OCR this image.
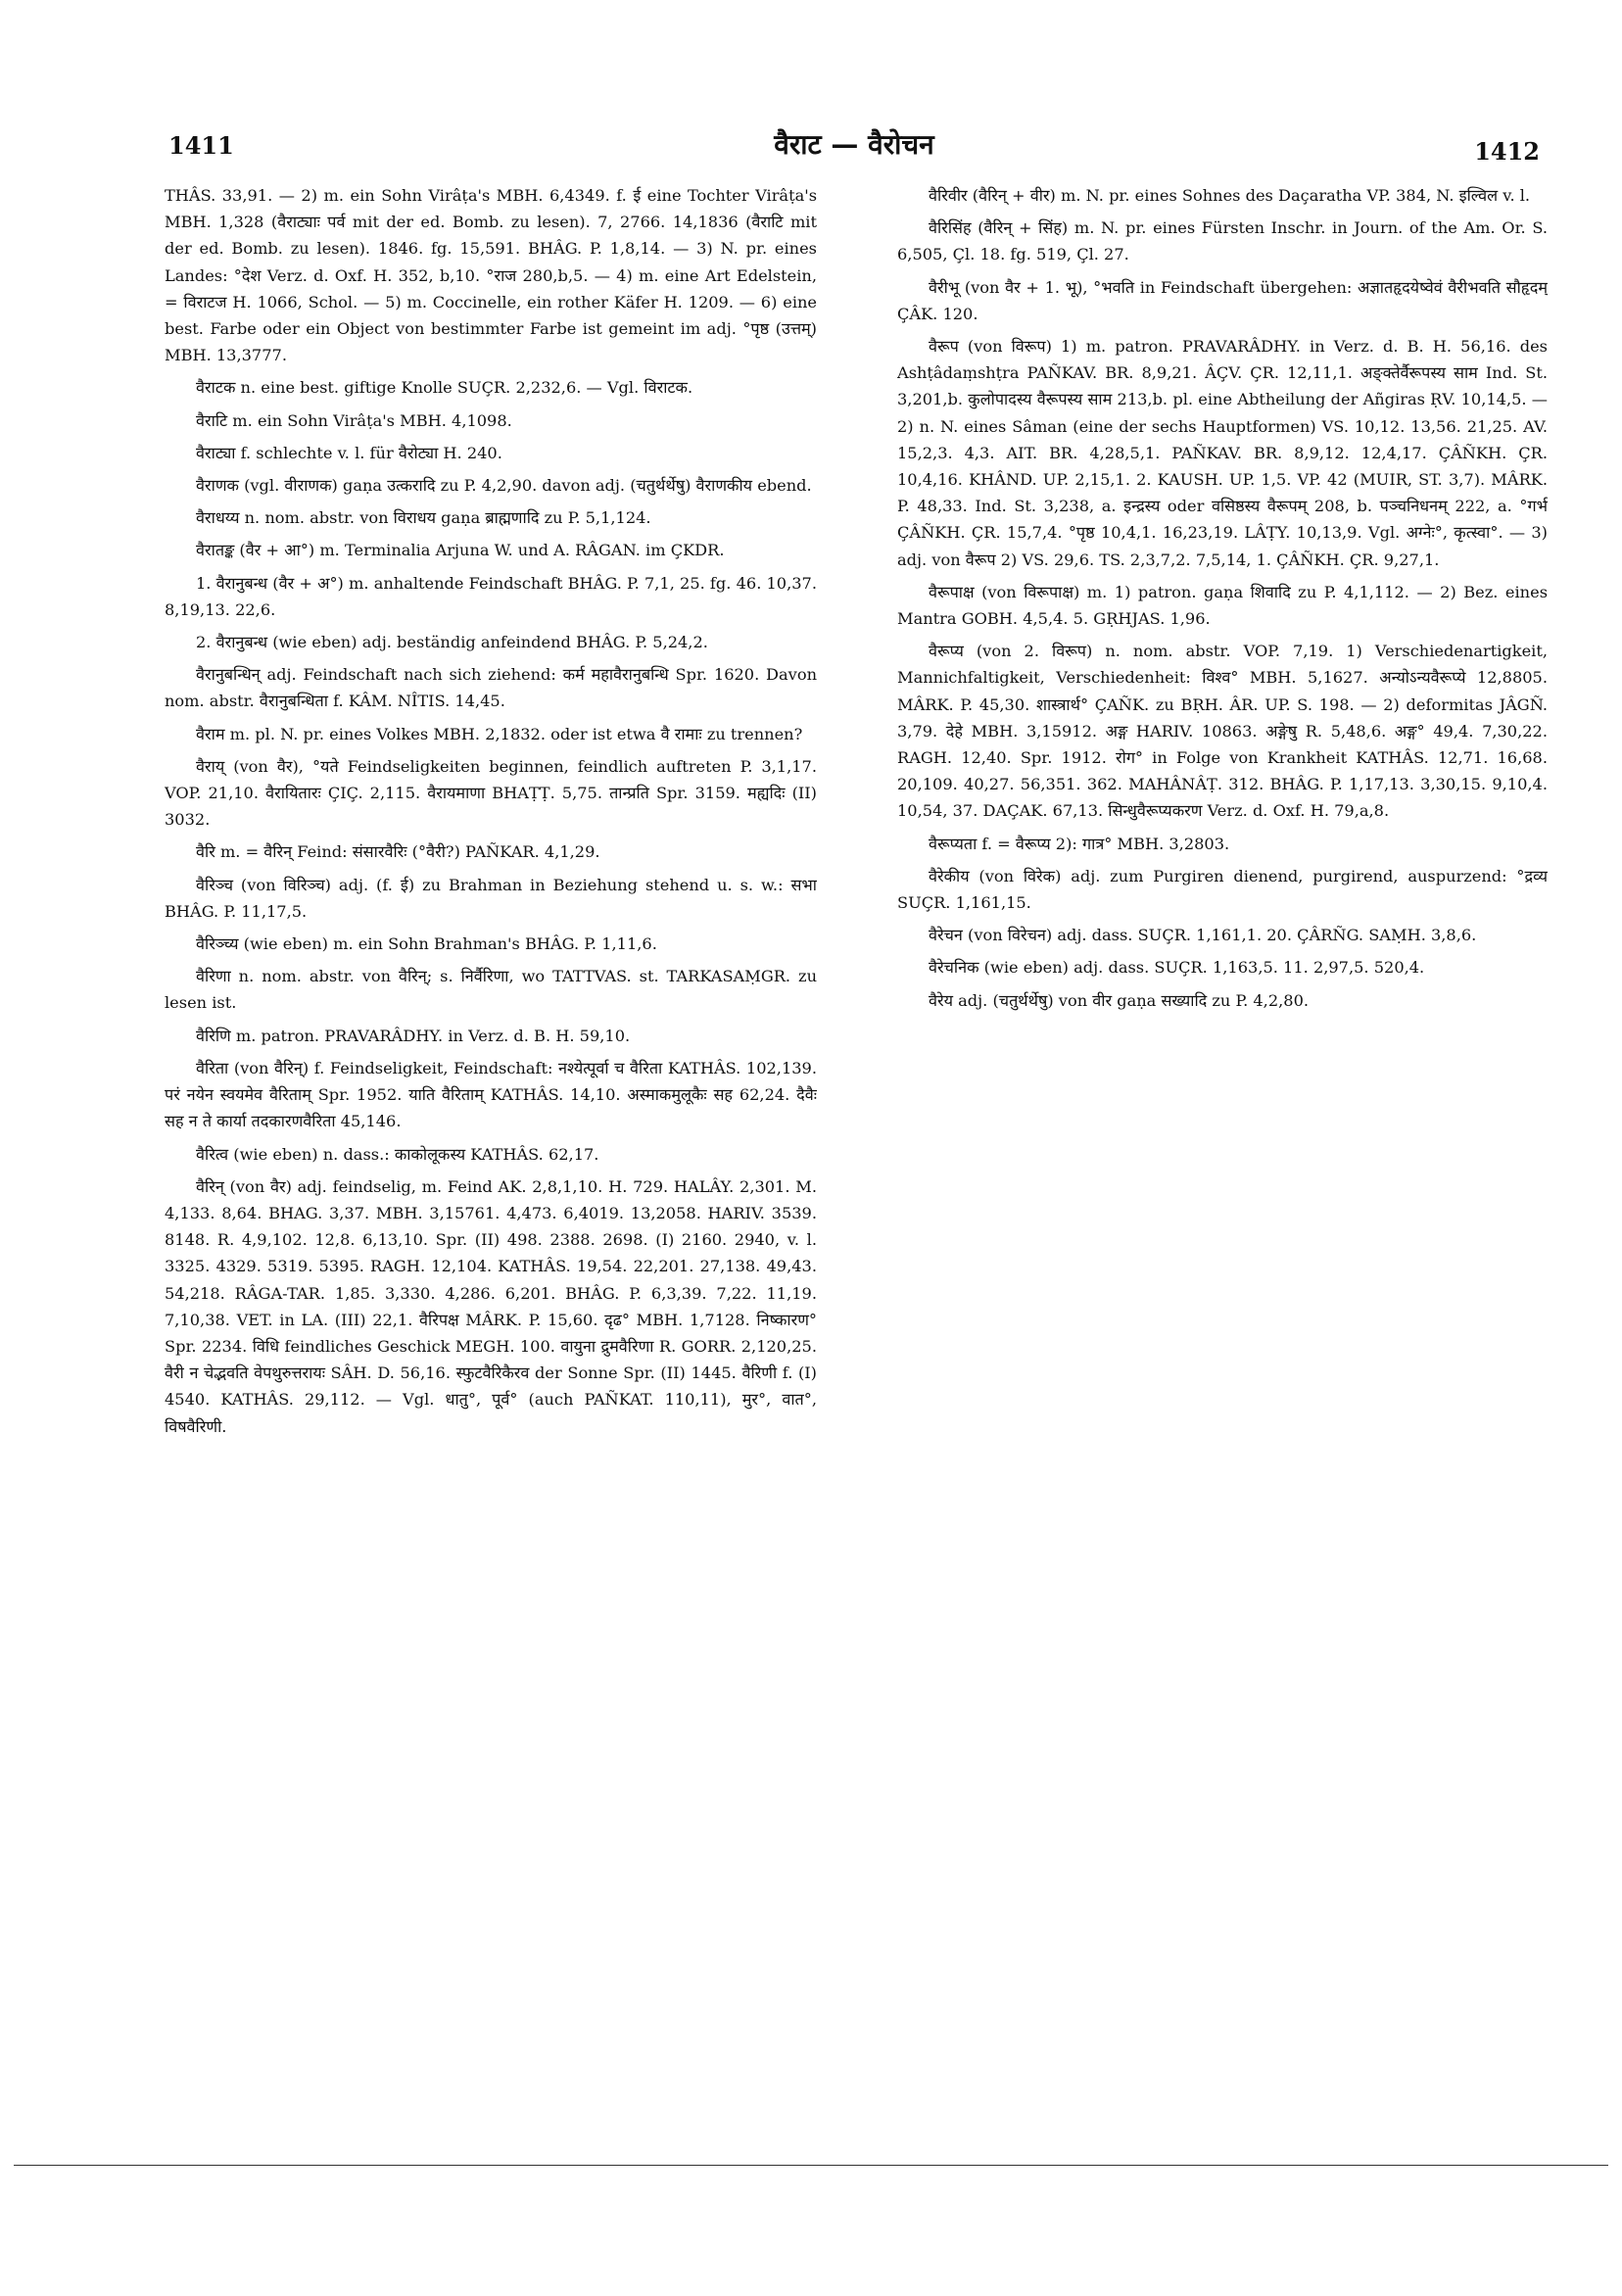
1411	वैराट — वैरोचन	1412

THÂS. 33,91. — 2) m. ein Sohn Virâṭa's MBH. 6,4349. f. ई eine Tochter Virâṭa's MBH. 1,328 (वैराट्याः पर्व mit der ed. Bomb. zu lesen). 7, 2766. 14,1836 (वैराटि mit der ed. Bomb. zu lesen). 1846. fg. 15,591. BHÂG. P. 1,8,14. — 3) N. pr. eines Landes: °देश Verz. d. Oxf. H. 352, b,10. °राज 280,b,5. — 4) m. eine Art Edelstein, = विराटज H. 1066, Schol. — 5) m. Coccinelle, ein rother Käfer H. 1209. — 6) eine best. Farbe oder ein Object von bestimmter Farbe ist gemeint im adj. °पृष्ठ (उत्तम्) MBH. 13,3777.

वैराटक n. eine best. giftige Knolle SUÇR. 2,232,6. — Vgl. विराटक.

वैराटि m. ein Sohn Virâṭa's MBH. 4,1098.

वैराट्या f. schlechte v. l. für वैरोट्या H. 240.

वैराणक (vgl. वीराणक) gaṇa उत्करादि zu P. 4,2,90. davon adj. (चतुर्थर्थेषु) वैराणकीय ebend.

वैराधय्य n. nom. abstr. von विराधय gaṇa ब्राह्मणादि zu P. 5,1,124.

वैरातङ्क (वैर + आ°) m. Terminalia Arjuna W. und A. RÂGAN. im ÇKDR.

1. वैरानुबन्ध (वैर + अ°) m. anhaltende Feindschaft BHÂG. P. 7,1, 25. fg. 46. 10,37. 8,19,13. 22,6.

2. वैरानुबन्ध (wie eben) adj. beständig anfeindend BHÂG. P. 5,24,2.

वैरानुबन्धिन् adj. Feindschaft nach sich ziehend: कर्म महावैरानुबन्धि Spr. 1620. Davon nom. abstr. वैरानुबन्धिता f. KÂM. NÎTIS. 14,45.

वैराम m. pl. N. pr. eines Volkes MBH. 2,1832. oder ist etwa वै रामाः zu trennen?

वैराय् (von वैर), °यते Feindseligkeiten beginnen, feindlich auftreten P. 3,1,17. VOP. 21,10. वैरायितारः ÇIÇ. 2,115. वैरायमाणा BHAṬṬ. 5,75. तान्प्रति Spr. 3159. मह्यदिः (II) 3032.

वैरि m. = वैरिन् Feind: संसारवैरिः (°वैरी?) PAÑKAR. 4,1,29.

वैरिञ्च (von विरिञ्च) adj. (f. ई) zu Brahman in Beziehung stehend u. s. w.: सभा BHÂG. P. 11,17,5.

वैरिञ्च्य (wie eben) m. ein Sohn Brahman's BHÂG. P. 1,11,6.

वैरिणा n. nom. abstr. von वैरिन्; s. निर्वैरिणा, wo TATTVAS. st. TARKASAṂGR. zu lesen ist.

वैरिणि m. patron. PRAVARÂDHY. in Verz. d. B. H. 59,10.

वैरिता (von वैरिन्) f. Feindseligkeit, Feindschaft: नश्येत्पूर्वा च वैरिता KATHÂS. 102,139. परं नयेन स्वयमेव वैरिताम् Spr. 1952. याति वैरिताम् KATHÂS. 14,10. अस्माकमुलूकैः सह 62,24. दैवैः सह न ते कार्या तदकारणवैरिता 45,146.

वैरित्व (wie eben) n. dass.: काकोलूकस्य KATHÂS. 62,17.

वैरिन् (von वैर) adj. feindselig, m. Feind AK. 2,8,1,10. H. 729. HALÂY. 2,301. M. 4,133. 8,64. BHAG. 3,37. MBH. 3,15761. 4,473. 6,4019. 13,2058. HARIV. 3539. 8148. R. 4,9,102. 12,8. 6,13,10. Spr. (II) 498. 2388. 2698. (I) 2160. 2940, v. l. 3325. 4329. 5319. 5395. RAGH. 12,104. KATHÂS. 19,54. 22,201. 27,138. 49,43. 54,218. RÂGA-TAR. 1,85. 3,330. 4,286. 6,201. BHÂG. P. 6,3,39. 7,22. 11,19. 7,10,38. VET. in LA. (III) 22,1. वैरिपक्ष MÂRK. P. 15,60. दृढ° MBH. 1,7128. निष्कारण° Spr. 2234. विधि feindliches Geschick MEGH. 100. वायुना द्रुमवैरिणा R. GORR. 2,120,25. वैरी न चेद्भवति वेपथुरुत्तरायः SÂH. D. 56,16. स्फुटवैरिकैरव der Sonne Spr. (II) 1445. वैरिणी f. (I) 4540. KATHÂS. 29,112. — Vgl. धातु°, पूर्व° (auch PAÑKAT. 110,11), मुर°, वात°, विषवैरिणी.

वैरिवीर (वैरिन् + वीर) m. N. pr. eines Sohnes des Daçaratha VP. 384, N. इल्विल v. l.

वैरिसिंह (वैरिन् + सिंह) m. N. pr. eines Fürsten Inschr. in Journ. of the Am. Or. S. 6,505, Çl. 18. fg. 519, Çl. 27.

वैरीभू (von वैर + 1. भू), °भवति in Feindschaft übergehen: अज्ञातहृदयेष्वेवं वैरीभवति सौहृदम् ÇÂK. 120.

वैरूप (von विरूप) 1) m. patron. PRAVARÂDHY. in Verz. d. B. H. 56,16. des Ashṭâdaṃshṭra PAÑKAV. BR. 8,9,21. ÂÇV. ÇR. 12,11,1. अङ्क्तेर्वैरूपस्य साम Ind. St. 3,201,b. कुलोपादस्य वैरूपस्य साम 213,b. pl. eine Abtheilung der Añgiras ṚV. 10,14,5. — 2) n. N. eines Sâman (eine der sechs Hauptformen) VS. 10,12. 13,56. 21,25. AV. 15,2,3. 4,3. AIT. BR. 4,28,5,1. PAÑKAV. BR. 8,9,12. 12,4,17. ÇÂÑKH. ÇR. 10,4,16. KHÂND. UP. 2,15,1. 2. KAUSH. UP. 1,5. VP. 42 (MUIR, ST. 3,7). MÂRK. P. 48,33. Ind. St. 3,238, a. इन्द्रस्य oder वसिष्ठस्य वैरूपम् 208, b. पञ्चनिधनम् 222, a. °गर्भ ÇÂÑKH. ÇR. 15,7,4. °पृष्ठ 10,4,1. 16,23,19. LÂṬY. 10,13,9. Vgl. अग्नेः°, कृत्स्वा°. — 3) adj. von वैरूप 2) VS. 29,6. TS. 2,3,7,2. 7,5,14, 1. ÇÂÑKH. ÇR. 9,27,1.

वैरूपाक्ष (von विरूपाक्ष) m. 1) patron. gaṇa शिवादि zu P. 4,1,112. — 2) Bez. eines Mantra GOBH. 4,5,4. 5. GṚHJAS. 1,96.

वैरूप्य (von 2. विरूप) n. nom. abstr. VOP. 7,19. 1) Verschiedenartigkeit, Mannichfaltigkeit, Verschiedenheit: विश्व° MBH. 5,1627. अन्योऽन्यवैरूप्ये 12,8805. MÂRK. P. 45,30. शास्त्रार्थ° ÇAÑK. zu BṚH. ÂR. UP. S. 198. — 2) deformitas JÂGÑ. 3,79. देहे MBH. 3,15912. अङ्ग HARIV. 10863. अङ्गेषु R. 5,48,6. अङ्ग° 49,4. 7,30,22. RAGH. 12,40. Spr. 1912. रोग° in Folge von Krankheit KATHÂS. 12,71. 16,68. 20,109. 40,27. 56,351. 362. MAHÂNÂṬ. 312. BHÂG. P. 1,17,13. 3,30,15. 9,10,4. 10,54, 37. DAÇAK. 67,13. सिन्धुवैरूप्यकरण Verz. d. Oxf. H. 79,a,8.

वैरूप्यता f. = वैरूप्य 2): गात्र° MBH. 3,2803.

वैरेकीय (von विरेक) adj. zum Purgiren dienend, purgirend, auspurzend: °द्रव्य SUÇR. 1,161,15.

वैरेचन (von विरेचन) adj. dass. SUÇR. 1,161,1. 20. ÇÂRÑG. SAṂH. 3,8,6.

वैरेचनिक (wie eben) adj. dass. SUÇR. 1,163,5. 11. 2,97,5. 520,4.

वैरेय adj. (चतुर्थर्थेषु) von वीर gaṇa सख्यादि zu P. 4,2,80.
